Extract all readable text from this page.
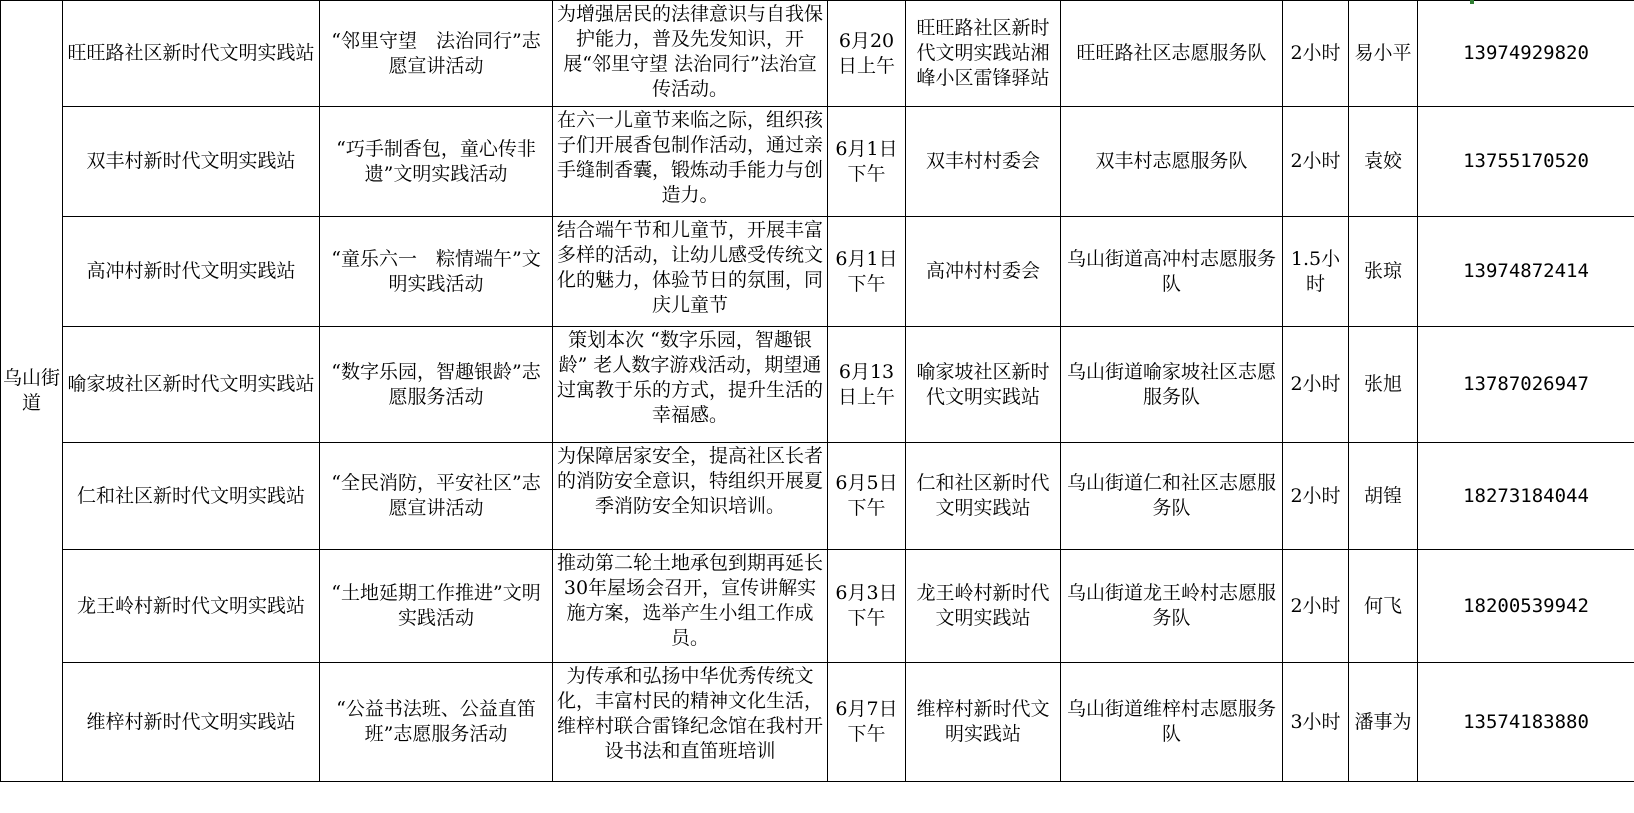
乌山街道	旺旺路社区新时代文明实践站	“邻里守望　法治同行”志愿宣讲活动	为增强居民的法律意识与自我保护能力，普及先发知识，开展“邻里守望 法治同行”法治宣传活动。	6月20日上午	旺旺路社区新时代文明实践站湘峰小区雷锋驿站	旺旺路社区志愿服务队	2小时	易小平	13974929820
	双丰村新时代文明实践站	“巧手制香包，童心传非遗”文明实践活动	在六一儿童节来临之际，组织孩子们开展香包制作活动，通过亲手缝制香囊，锻炼动手能力与创造力。	6月1日下午	双丰村村委会	双丰村志愿服务队	2小时	袁姣	13755170520
	高冲村新时代文明实践站	“童乐六一　粽情端午”文明实践活动	结合端午节和儿童节，开展丰富多样的活动，让幼儿感受传统文化的魅力，体验节日的氛围，同庆儿童节	6月1日下午	高冲村村委会	乌山街道高冲村志愿服务队	1.5小时	张琼	13974872414
	喻家坡社区新时代文明实践站	“数字乐园，智趣银龄”志愿服务活动	策划本次 “数字乐园，智趣银龄” 老人数字游戏活动，期望通过寓教于乐的方式，提升生活的幸福感。	6月13日上午	喻家坡社区新时代文明实践站	乌山街道喻家坡社区志愿服务队	2小时	张旭	13787026947
	仁和社区新时代文明实践站	“全民消防，平安社区”志愿宣讲活动	为保障居家安全，提高社区长者的消防安全意识，特组织开展夏季消防安全知识培训。	6月5日下午	仁和社区新时代文明实践站	乌山街道仁和社区志愿服务队	2小时	胡锽	18273184044
	龙王岭村新时代文明实践站	“土地延期工作推进”文明实践活动	推动第二轮土地承包到期再延长30年屋场会召开，宣传讲解实施方案，选举产生小组工作成员。	6月3日下午	龙王岭村新时代文明实践站	乌山街道龙王岭村志愿服务队	2小时	何飞	18200539942
	维梓村新时代文明实践站	“公益书法班、公益直笛班”志愿服务活动	为传承和弘扬中华优秀传统文化，丰富村民的精神文化生活，维梓村联合雷锋纪念馆在我村开设书法和直笛班培训	6月7日下午	维梓村新时代文明实践站	乌山街道维梓村志愿服务队	3小时	潘事为	13574183880
